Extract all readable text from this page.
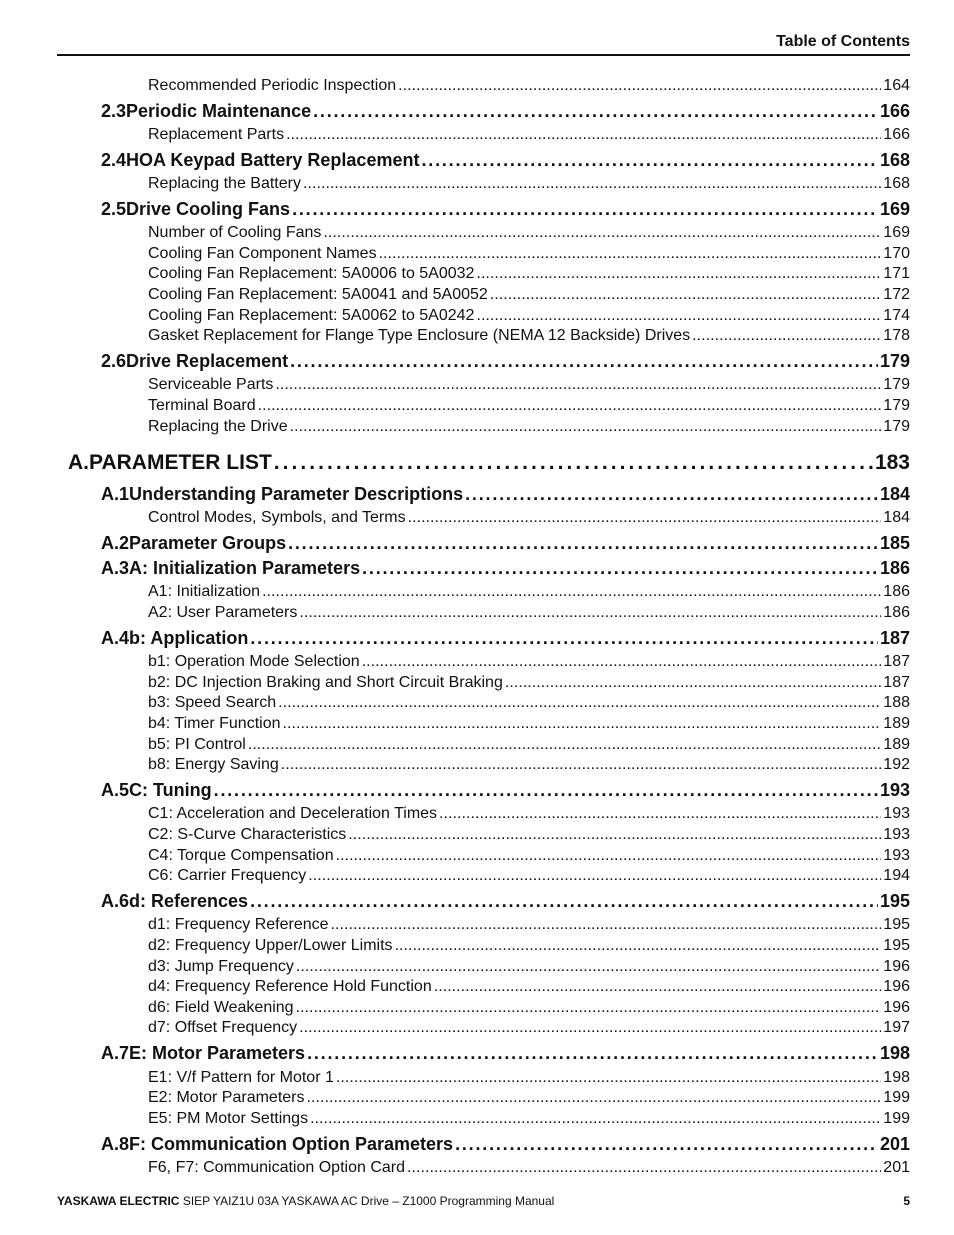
Table of Contents
Recommended Periodic Inspection . . .	164
2.3 Periodic Maintenance . . .	166
Replacement Parts . . .	166
2.4 HOA Keypad Battery Replacement . . .	168
Replacing the Battery . . .	168
2.5 Drive Cooling Fans . . .	169
Number of Cooling Fans . . .	169
Cooling Fan Component Names . . .	170
Cooling Fan Replacement: 5A0006 to 5A0032 . . .	171
Cooling Fan Replacement: 5A0041 and 5A0052 . . .	172
Cooling Fan Replacement: 5A0062 to 5A0242 . . .	174
Gasket Replacement for Flange Type Enclosure (NEMA 12 Backside) Drives . . .	178
2.6 Drive Replacement . . .	179
Serviceable Parts . . .	179
Terminal Board . . .	179
Replacing the Drive . . .	179
A. PARAMETER LIST . . .	183
A.1 Understanding Parameter Descriptions . . .	184
Control Modes, Symbols, and Terms . . .	184
A.2 Parameter Groups . . .	185
A.3 A: Initialization Parameters . . .	186
A1: Initialization . . .	186
A2: User Parameters . . .	186
A.4 b: Application . . .	187
b1: Operation Mode Selection . . .	187
b2: DC Injection Braking and Short Circuit Braking . . .	187
b3: Speed Search . . .	188
b4: Timer Function . . .	189
b5: PI Control . . .	189
b8: Energy Saving . . .	192
A.5 C: Tuning . . .	193
C1: Acceleration and Deceleration Times . . .	193
C2: S-Curve Characteristics . . .	193
C4: Torque Compensation . . .	193
C6: Carrier Frequency . . .	194
A.6 d: References . . .	195
d1: Frequency Reference . . .	195
d2: Frequency Upper/Lower Limits . . .	195
d3: Jump Frequency . . .	196
d4: Frequency Reference Hold Function . . .	196
d6: Field Weakening . . .	196
d7: Offset Frequency . . .	197
A.7 E: Motor Parameters . . .	198
E1: V/f Pattern for Motor 1 . . .	198
E2: Motor Parameters . . .	199
E5: PM Motor Settings . . .	199
A.8 F: Communication Option Parameters . . .	201
F6, F7: Communication Option Card . . .	201
YASKAWA ELECTRIC SIEP YAIZ1U 03A YASKAWA AC Drive – Z1000 Programming Manual	5
